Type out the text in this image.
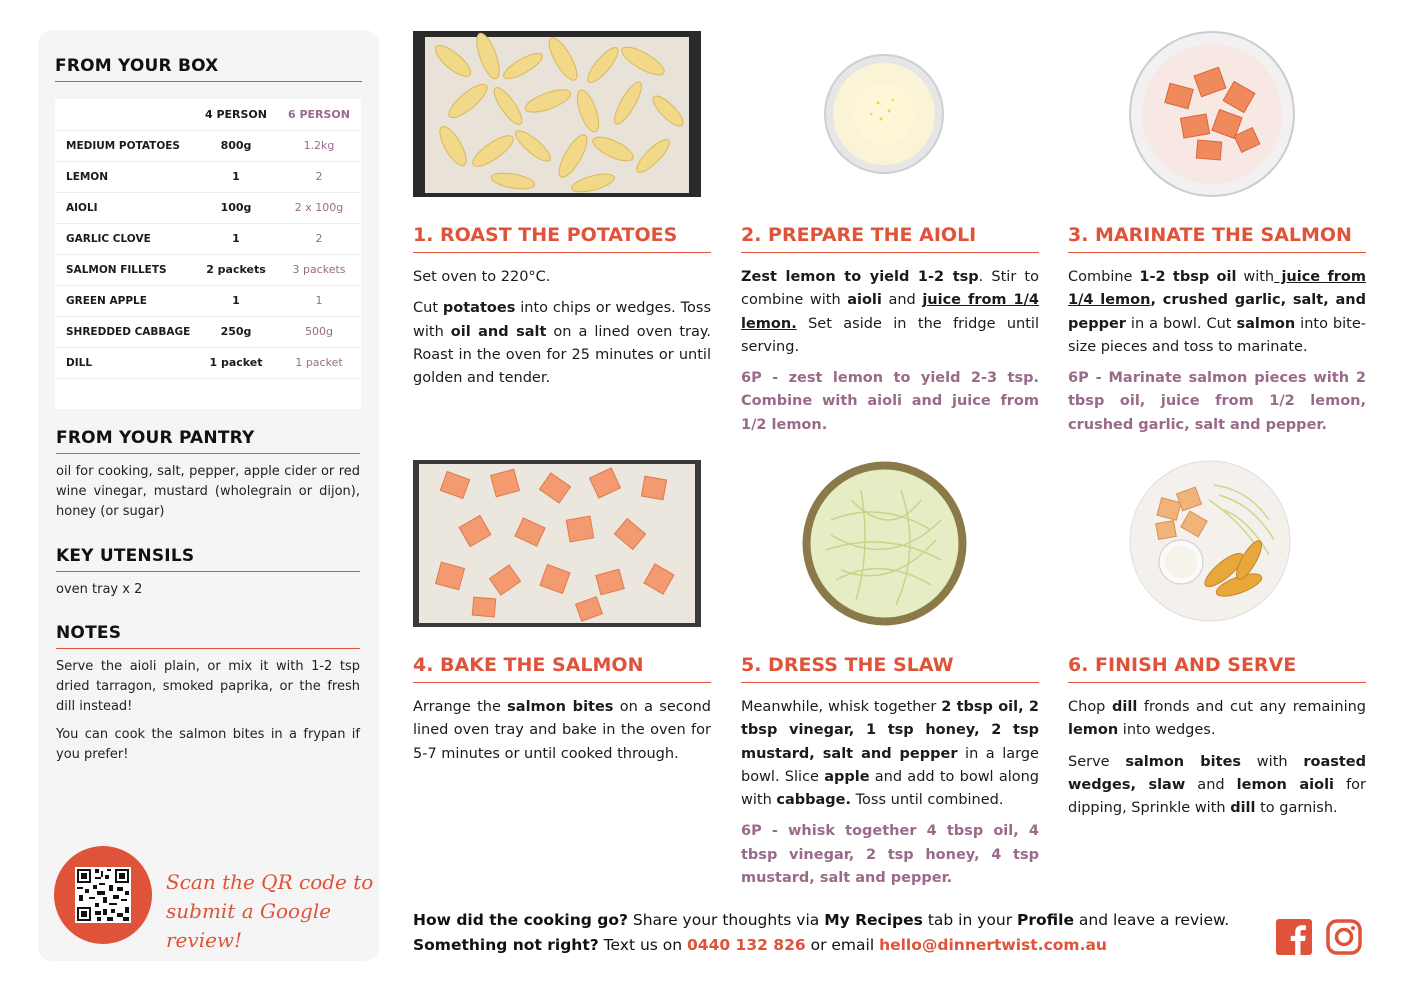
FROM YOUR BOX
	4 PERSON	6 PERSON
MEDIUM POTATOES	800g	1.2kg
LEMON	1	2
AIOLI	100g	2 x 100g
GARLIC CLOVE	1	2
SALMON FILLETS	2 packets	3 packets
GREEN APPLE	1	1
SHREDDED CABBAGE	250g	500g
DILL	1 packet	1 packet

FROM YOUR PANTRY
oil for cooking, salt, pepper, apple cider or red wine vinegar, mustard (wholegrain or dijon), honey (or sugar)
KEY UTENSILS
oven tray x 2
NOTES
Serve the aioli plain, or mix it with 1-2 tsp dried tarragon, smoked paprika, or the fresh dill instead!
You can cook the salmon bites in a frypan if you prefer!
Scan the QR code to
submit a Google review!
1. ROAST THE POTATOES	2. PREPARE THE AIOLI	3. MARINATE THE SALMON
4. BAKE THE SALMON	5. DRESS THE SLAW	6. FINISH AND SERVE

Set oven to 220°C.

Cut potatoes into chips or wedges. Toss with oil and salt on a lined oven tray. Roast in the oven for 25 minutes or until golden and tender.

Zest lemon to yield 1-2 tsp. Stir to combine with aioli and juice from 1/4 lemon. Set aside in the fridge until serving.

6P - zest lemon to yield 2-3 tsp. Combine with aioli and juice from 1/2 lemon.

Combine 1-2 tbsp oil with juice from 1/4 lemon, crushed garlic, salt, and pepper in a bowl. Cut salmon into bite-size pieces and toss to marinate.

6P - Marinate salmon pieces with 2 tbsp oil, juice from 1/2 lemon, crushed garlic, salt and pepper.

Arrange the salmon bites on a second lined oven tray and bake in the oven for 5-7 minutes or until cooked through.

Meanwhile, whisk together 2 tbsp oil, 2 tbsp vinegar, 1 tsp honey, 2 tsp mustard, salt and pepper in a large bowl. Slice apple and add to bowl along with cabbage. Toss until combined.

6P - whisk together 4 tbsp oil, 4 tbsp vinegar, 2 tsp honey, 4 tsp mustard, salt and pepper.

Chop dill fronds and cut any remaining lemon into wedges.

Serve salmon bites with roasted wedges, slaw and lemon aioli for dipping, Sprinkle with dill to garnish.

How did the cooking go? Share your thoughts via My Recipes tab in your Profile and leave a review.
Something not right? Text us on 0440 132 826 or email hello@dinnertwist.com.au
